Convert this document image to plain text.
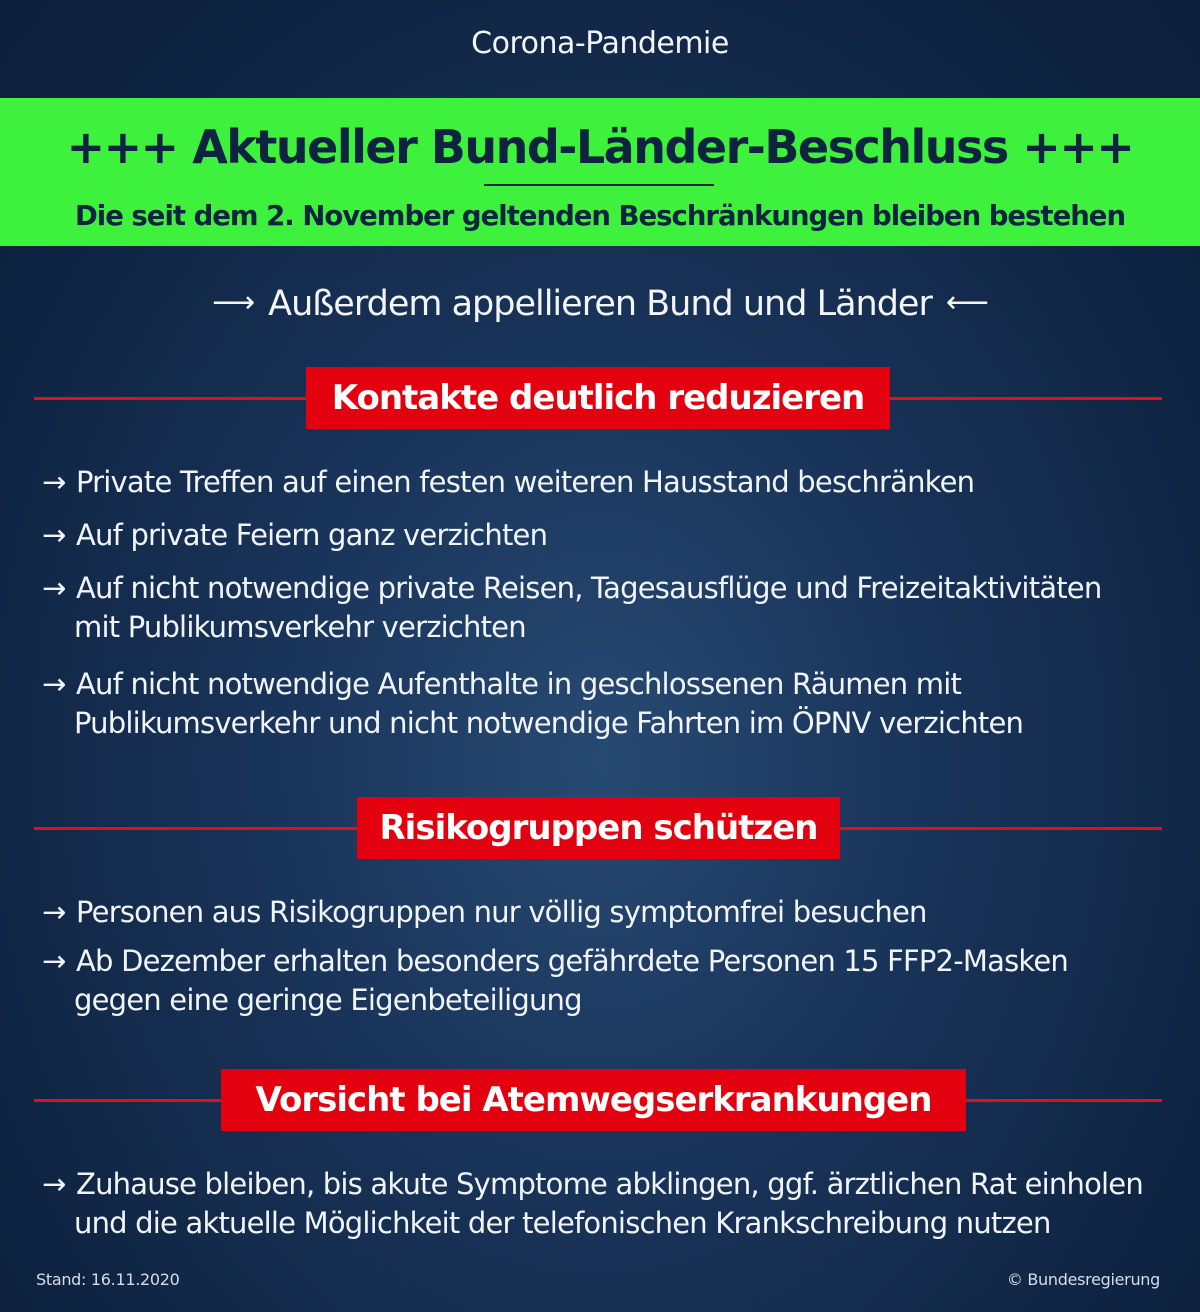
Corona-Pandemie
+++ Aktueller Bund-Länder-Beschluss +++
Die seit dem 2. November geltenden Beschränkungen bleiben bestehen
⟶ Außerdem appellieren Bund und Länder ⟵
Kontakte deutlich reduzieren
→ Private Treffen auf einen festen weiteren Hausstand beschränken
→ Auf private Feiern ganz verzichten
→ Auf nicht notwendige private Reisen, Tagesausflüge und Freizeitaktivitäten
mit Publikumsverkehr verzichten
→ Auf nicht notwendige Aufenthalte in geschlossenen Räumen mit
Publikumsverkehr und nicht notwendige Fahrten im ÖPNV verzichten
Risikogruppen schützen
→ Personen aus Risikogruppen nur völlig symptomfrei besuchen
→ Ab Dezember erhalten besonders gefährdete Personen 15 FFP2-Masken
gegen eine geringe Eigenbeteiligung
Vorsicht bei Atemwegserkrankungen
→ Zuhause bleiben, bis akute Symptome abklingen, ggf. ärztlichen Rat einholen
und die aktuelle Möglichkeit der telefonischen Krankschreibung nutzen
Stand: 16.11.2020	© Bundesregierung
